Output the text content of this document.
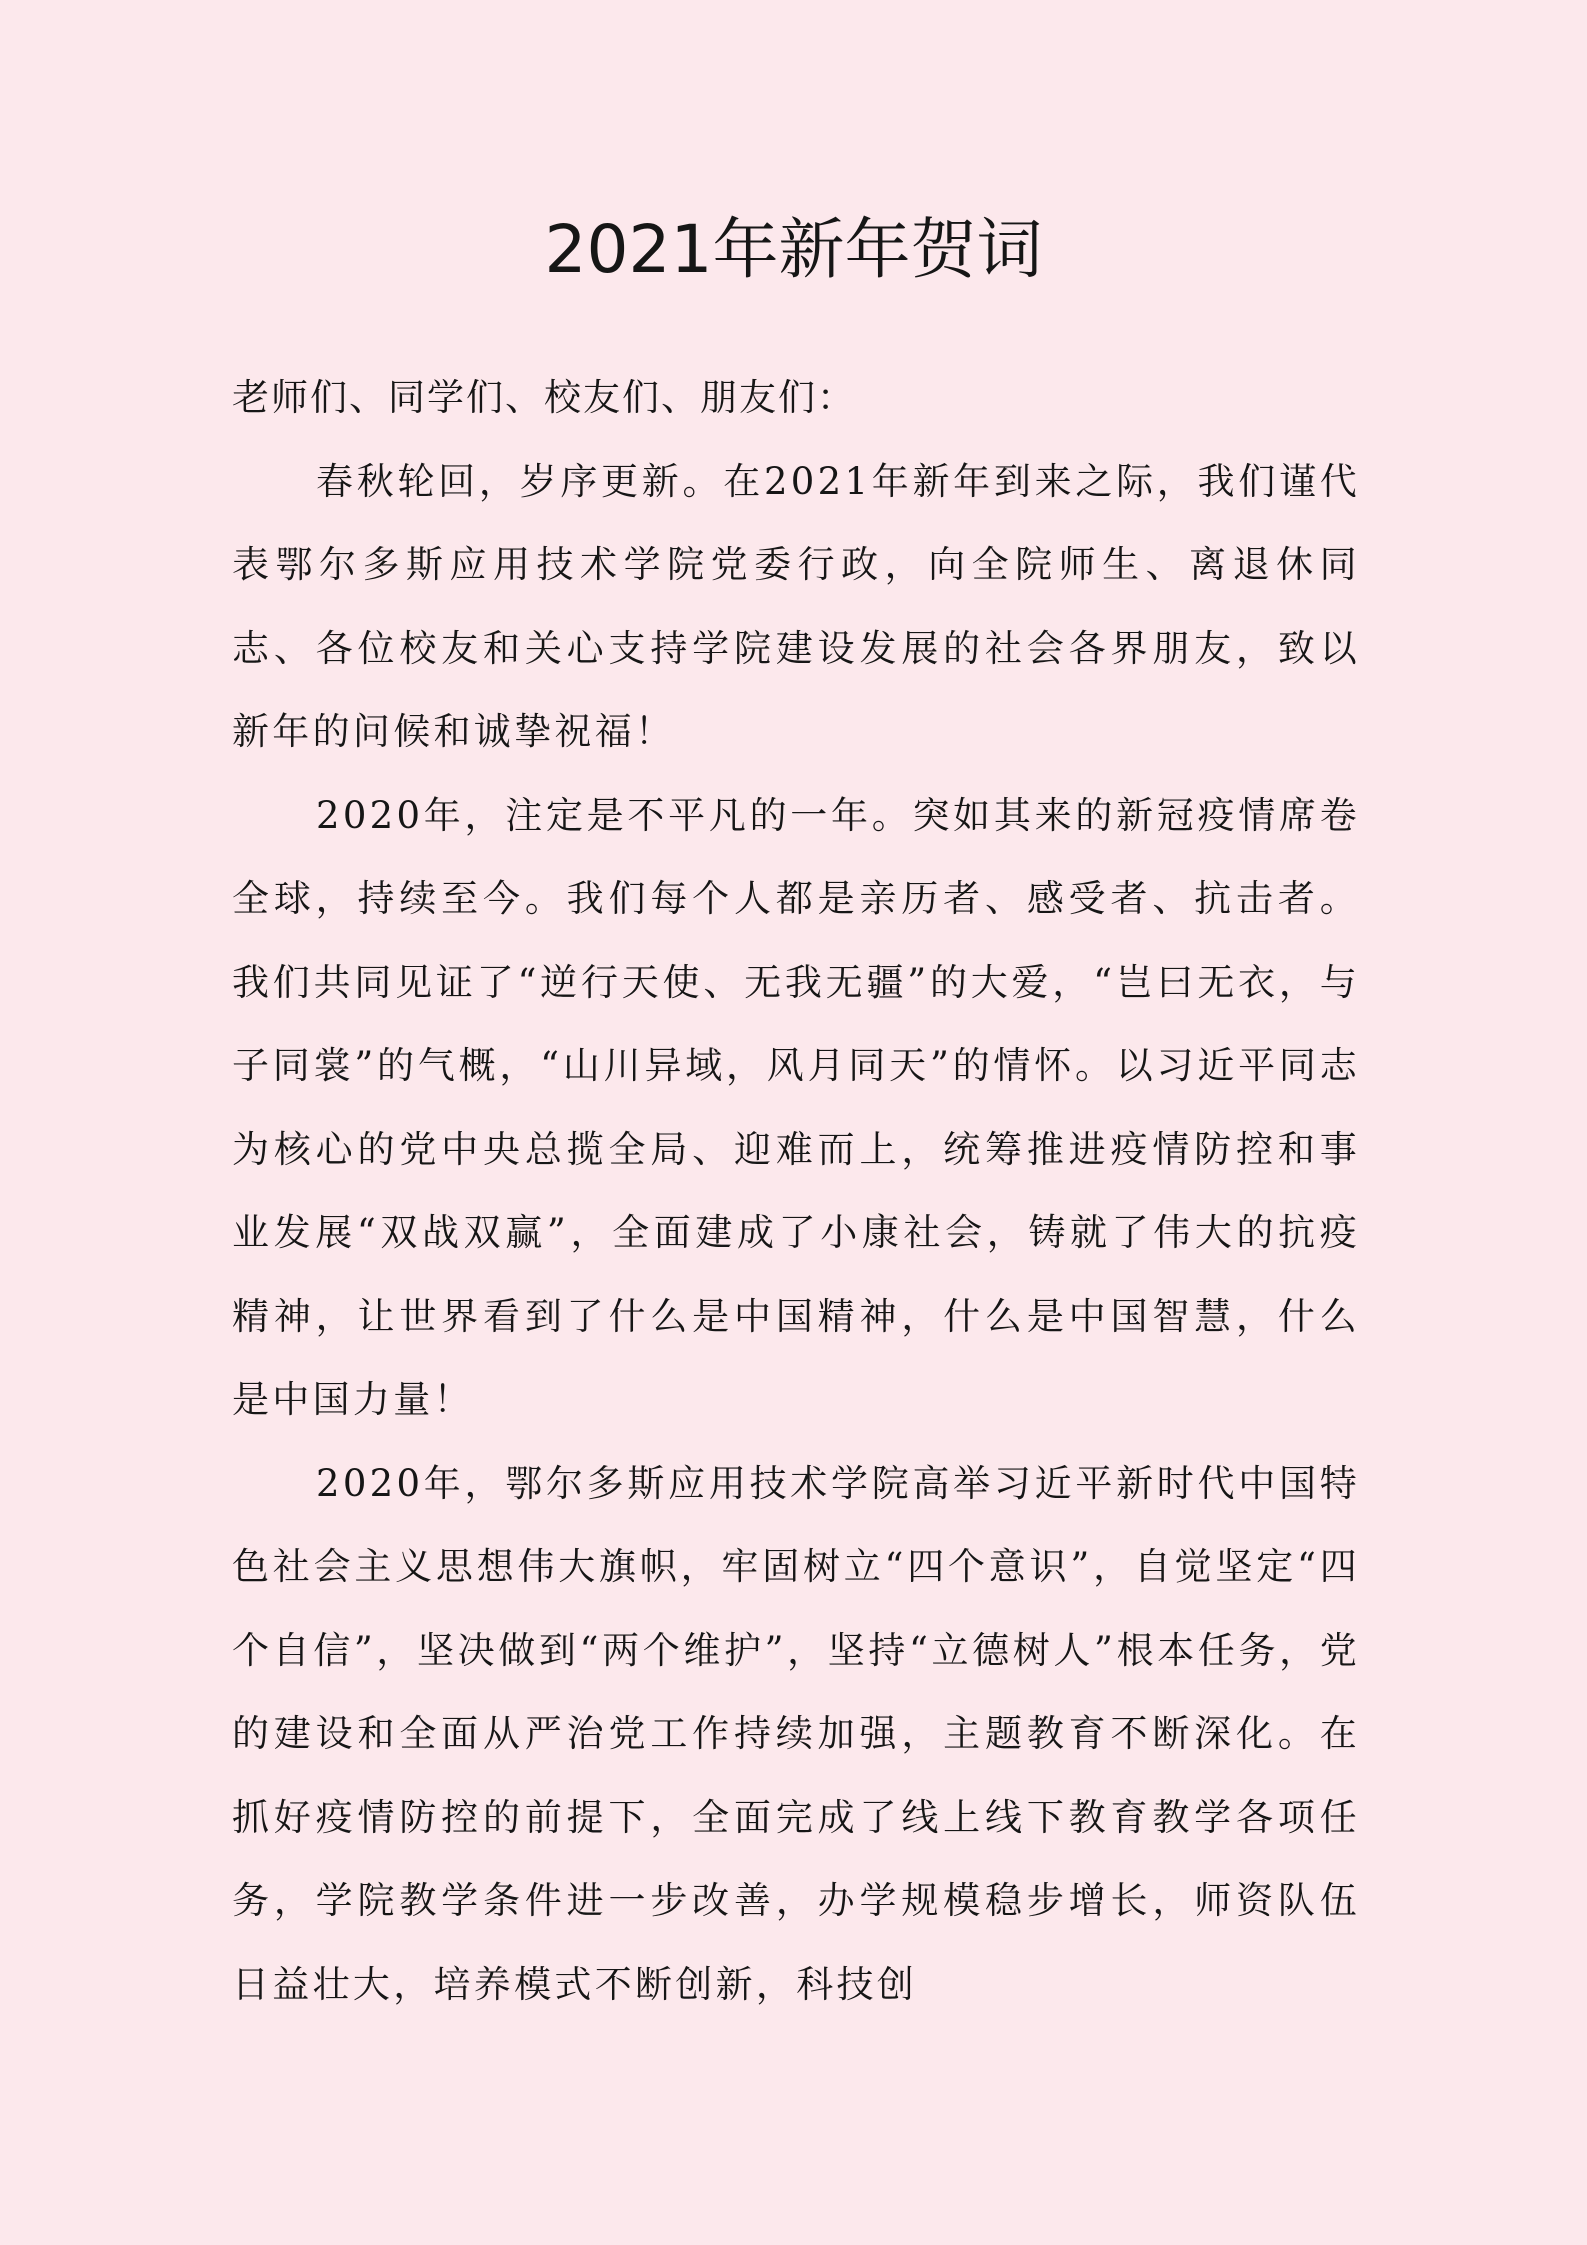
2021年新年贺词

老师们、同学们、校友们、朋友们：

春秋轮回，岁序更新。在2021年新年到来之际，我们谨代表鄂尔多斯应用技术学院党委行政，向全院师生、离退休同志、各位校友和关心支持学院建设发展的社会各界朋友，致以新年的问候和诚挚祝福！

2020年，注定是不平凡的一年。突如其来的新冠疫情席卷全球，持续至今。我们每个人都是亲历者、感受者、抗击者。我们共同见证了“逆行天使、无我无疆”的大爱，“岂曰无衣，与子同裳”的气概，“山川异域，风月同天”的情怀。以习近平同志为核心的党中央总揽全局、迎难而上，统筹推进疫情防控和事业发展“双战双赢”，全面建成了小康社会，铸就了伟大的抗疫精神，让世界看到了什么是中国精神，什么是中国智慧，什么是中国力量！

2020年，鄂尔多斯应用技术学院高举习近平新时代中国特色社会主义思想伟大旗帜，牢固树立“四个意识”，自觉坚定“四个自信”，坚决做到“两个维护”，坚持“立德树人”根本任务，党的建设和全面从严治党工作持续加强，主题教育不断深化。在抓好疫情防控的前提下，全面完成了线上线下教育教学各项任务，学院教学条件进一步改善，办学规模稳步增长，师资队伍日益壮大，培养模式不断创新，科技创
